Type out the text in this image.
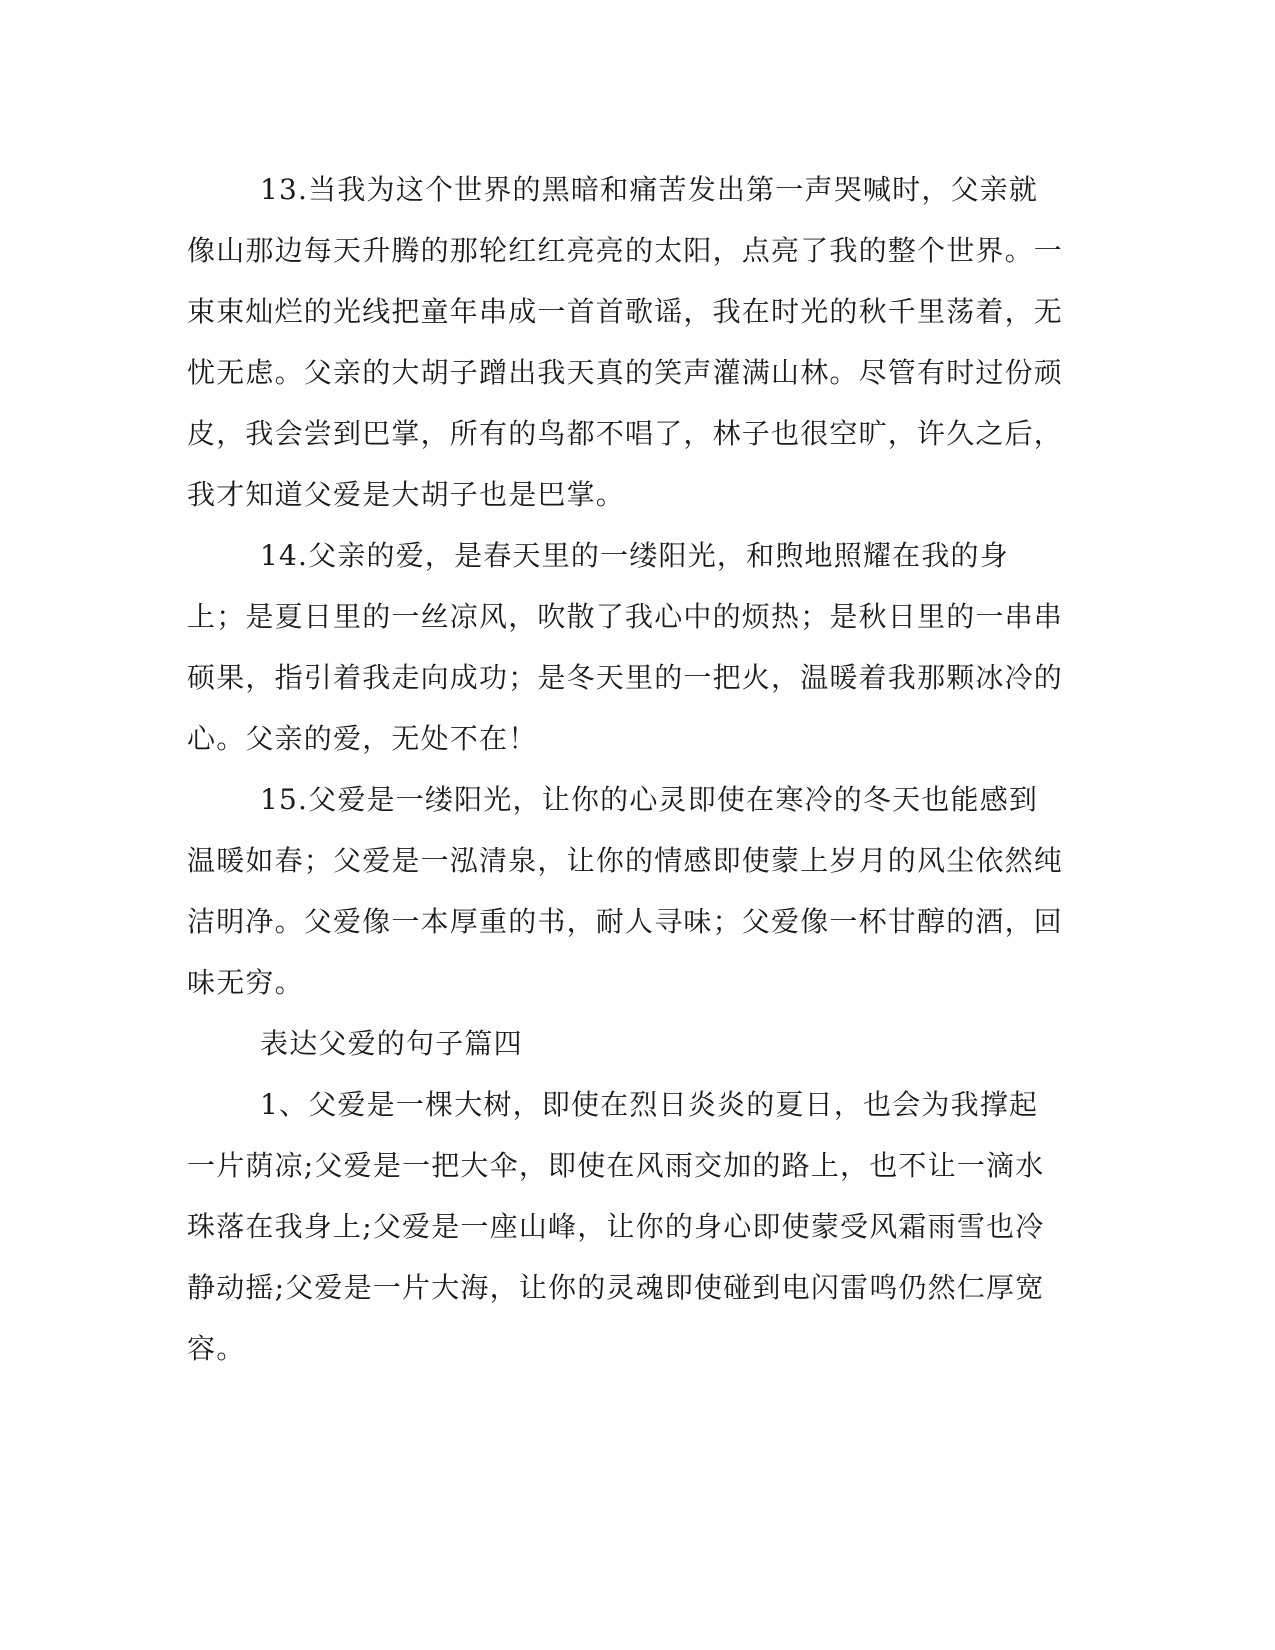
13.当我为这个世界的黑暗和痛苦发出第一声哭喊时，父亲就像山那边每天升腾的那轮红红亮亮的太阳，点亮了我的整个世界。一束束灿烂的光线把童年串成一首首歌谣，我在时光的秋千里荡着，无忧无虑。父亲的大胡子蹭出我天真的笑声灌满山林。尽管有时过份顽皮，我会尝到巴掌，所有的鸟都不唱了，林子也很空旷，许久之后，我才知道父爱是大胡子也是巴掌。

14.父亲的爱，是春天里的一缕阳光，和煦地照耀在我的身上；是夏日里的一丝凉风，吹散了我心中的烦热；是秋日里的一串串硕果，指引着我走向成功；是冬天里的一把火，温暖着我那颗冰冷的心。父亲的爱，无处不在！

15.父爱是一缕阳光，让你的心灵即使在寒冷的冬天也能感到温暖如春；父爱是一泓清泉，让你的情感即使蒙上岁月的风尘依然纯洁明净。父爱像一本厚重的书，耐人寻味；父爱像一杯甘醇的酒，回味无穷。

表达父爱的句子篇四

1、父爱是一棵大树，即使在烈日炎炎的夏日，也会为我撑起一片荫凉;父爱是一把大伞，即使在风雨交加的路上，也不让一滴水珠落在我身上;父爱是一座山峰，让你的身心即使蒙受风霜雨雪也冷静动摇;父爱是一片大海，让你的灵魂即使碰到电闪雷鸣仍然仁厚宽容。
